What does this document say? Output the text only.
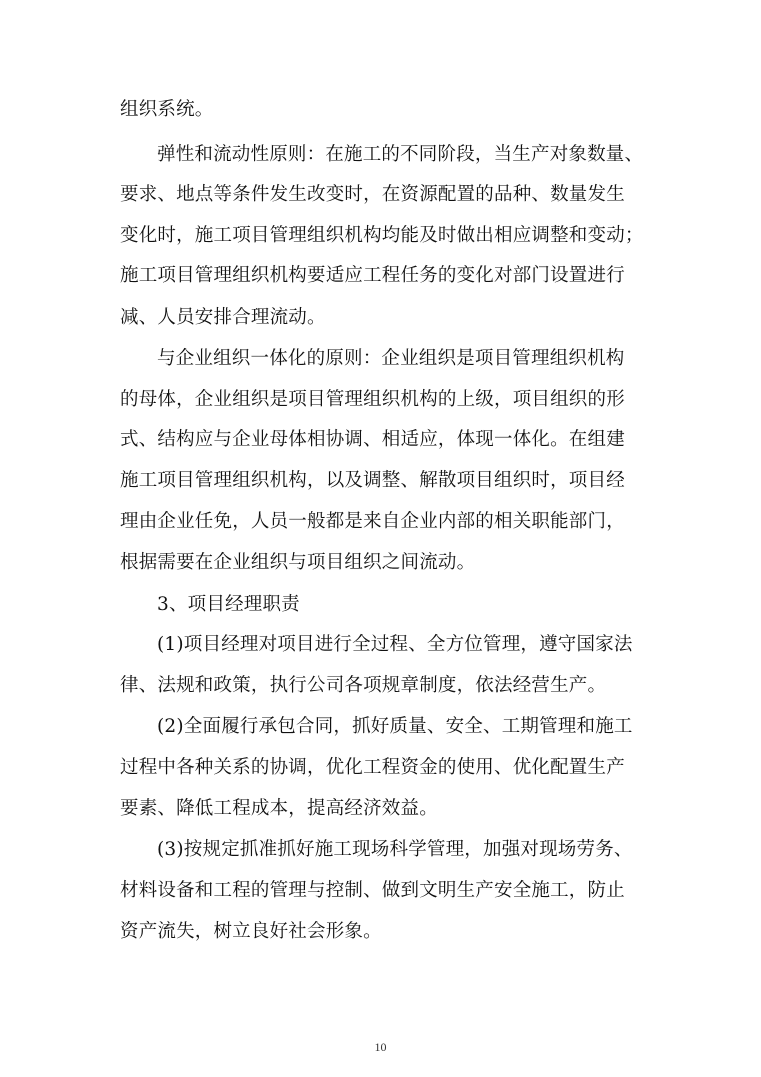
组织系统。
弹性和流动性原则：在施工的不同阶段，当生产对象数量、
要求、地点等条件发生改变时，在资源配置的品种、数量发生
变化时，施工项目管理组织机构均能及时做出相应调整和变动；
施工项目管理组织机构要适应工程任务的变化对部门设置进行
减、人员安排合理流动。
与企业组织一体化的原则：企业组织是项目管理组织机构
的母体，企业组织是项目管理组织机构的上级，项目组织的形
式、结构应与企业母体相协调、相适应，体现一体化。在组建
施工项目管理组织机构，以及调整、解散项目组织时，项目经
理由企业任免，人员一般都是来自企业内部的相关职能部门，
根据需要在企业组织与项目组织之间流动。
3、项目经理职责
(1)项目经理对项目进行全过程、全方位管理，遵守国家法
律、法规和政策，执行公司各项规章制度，依法经营生产。
(2)全面履行承包合同，抓好质量、安全、工期管理和施工
过程中各种关系的协调，优化工程资金的使用、优化配置生产
要素、降低工程成本，提高经济效益。
(3)按规定抓准抓好施工现场科学管理，加强对现场劳务、
材料设备和工程的管理与控制、做到文明生产安全施工，防止
资产流失，树立良好社会形象。
10
